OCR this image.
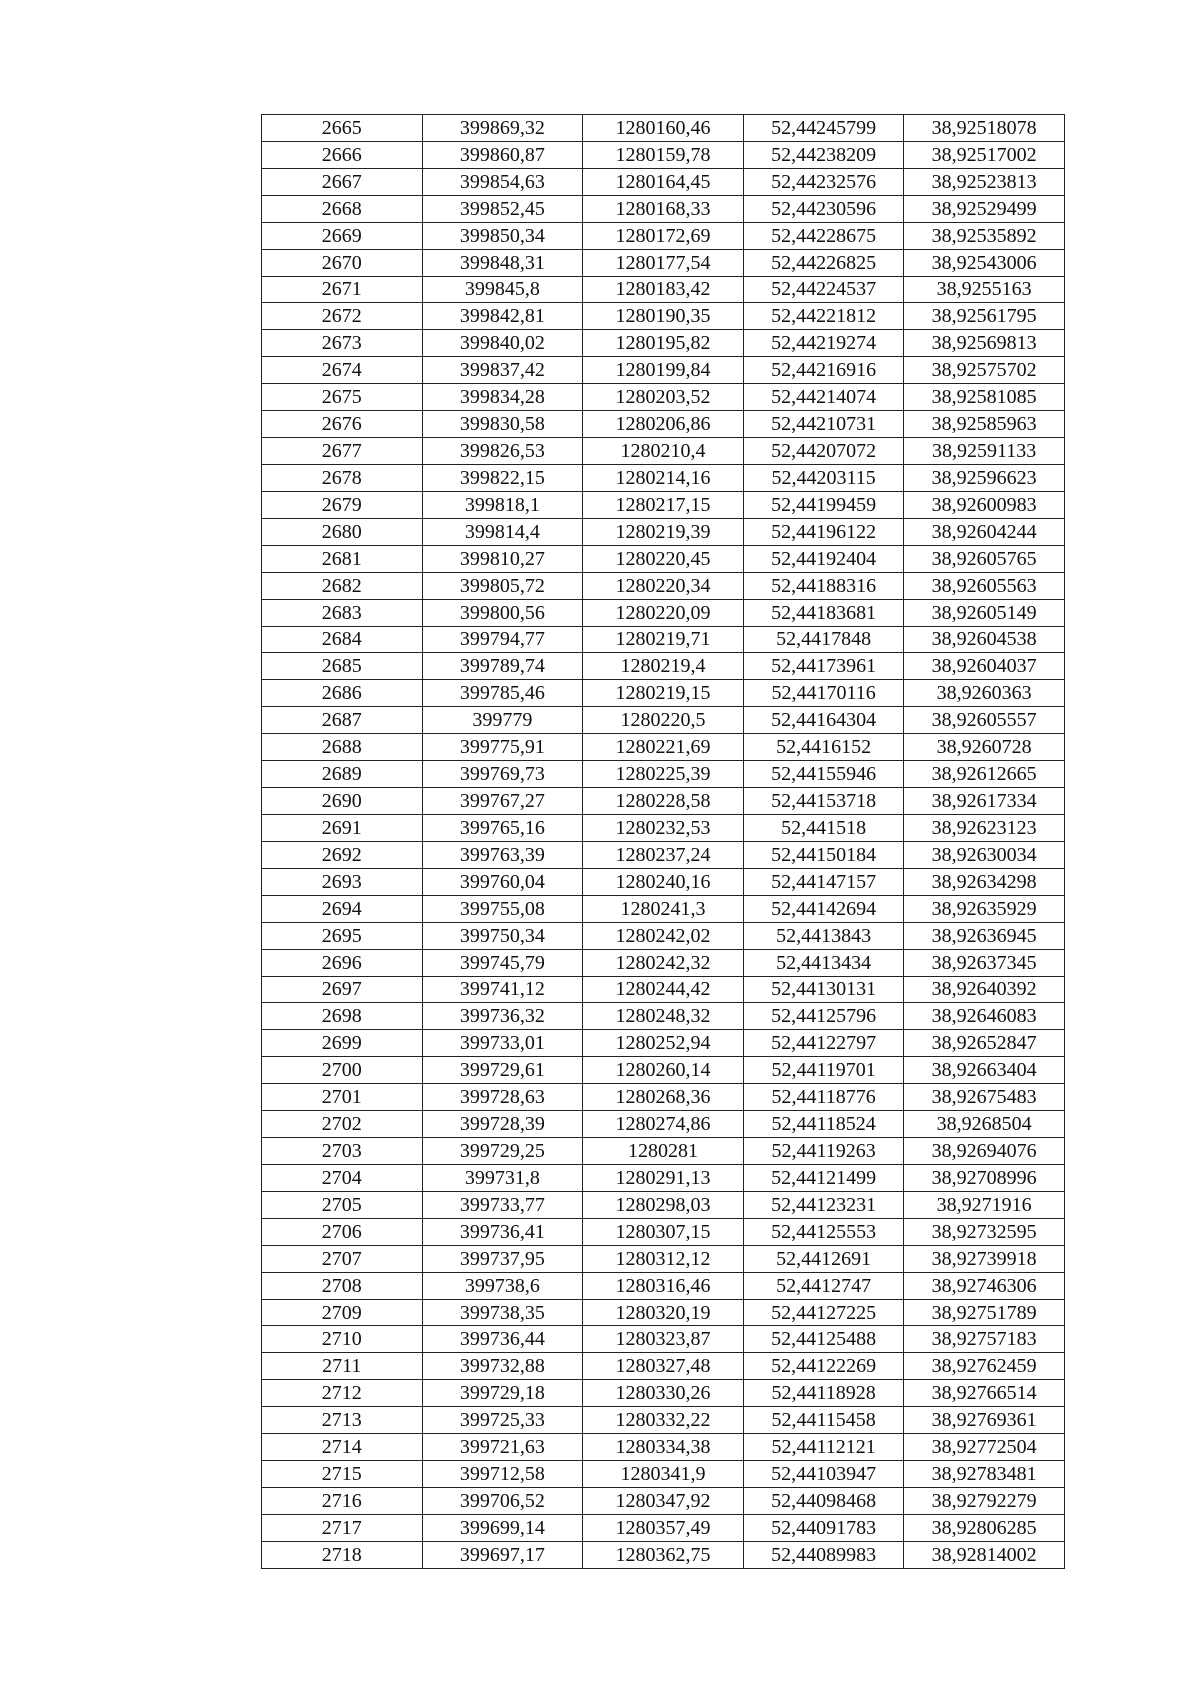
2665	399869,32	1280160,46	52,44245799	38,92518078
2666	399860,87	1280159,78	52,44238209	38,92517002
2667	399854,63	1280164,45	52,44232576	38,92523813
2668	399852,45	1280168,33	52,44230596	38,92529499
2669	399850,34	1280172,69	52,44228675	38,92535892
2670	399848,31	1280177,54	52,44226825	38,92543006
2671	399845,8	1280183,42	52,44224537	38,9255163
2672	399842,81	1280190,35	52,44221812	38,92561795
2673	399840,02	1280195,82	52,44219274	38,92569813
2674	399837,42	1280199,84	52,44216916	38,92575702
2675	399834,28	1280203,52	52,44214074	38,92581085
2676	399830,58	1280206,86	52,44210731	38,92585963
2677	399826,53	1280210,4	52,44207072	38,92591133
2678	399822,15	1280214,16	52,44203115	38,92596623
2679	399818,1	1280217,15	52,44199459	38,92600983
2680	399814,4	1280219,39	52,44196122	38,92604244
2681	399810,27	1280220,45	52,44192404	38,92605765
2682	399805,72	1280220,34	52,44188316	38,92605563
2683	399800,56	1280220,09	52,44183681	38,92605149
2684	399794,77	1280219,71	52,4417848	38,92604538
2685	399789,74	1280219,4	52,44173961	38,92604037
2686	399785,46	1280219,15	52,44170116	38,9260363
2687	399779	1280220,5	52,44164304	38,92605557
2688	399775,91	1280221,69	52,4416152	38,9260728
2689	399769,73	1280225,39	52,44155946	38,92612665
2690	399767,27	1280228,58	52,44153718	38,92617334
2691	399765,16	1280232,53	52,441518	38,92623123
2692	399763,39	1280237,24	52,44150184	38,92630034
2693	399760,04	1280240,16	52,44147157	38,92634298
2694	399755,08	1280241,3	52,44142694	38,92635929
2695	399750,34	1280242,02	52,4413843	38,92636945
2696	399745,79	1280242,32	52,4413434	38,92637345
2697	399741,12	1280244,42	52,44130131	38,92640392
2698	399736,32	1280248,32	52,44125796	38,92646083
2699	399733,01	1280252,94	52,44122797	38,92652847
2700	399729,61	1280260,14	52,44119701	38,92663404
2701	399728,63	1280268,36	52,44118776	38,92675483
2702	399728,39	1280274,86	52,44118524	38,9268504
2703	399729,25	1280281	52,44119263	38,92694076
2704	399731,8	1280291,13	52,44121499	38,92708996
2705	399733,77	1280298,03	52,44123231	38,9271916
2706	399736,41	1280307,15	52,44125553	38,92732595
2707	399737,95	1280312,12	52,4412691	38,92739918
2708	399738,6	1280316,46	52,4412747	38,92746306
2709	399738,35	1280320,19	52,44127225	38,92751789
2710	399736,44	1280323,87	52,44125488	38,92757183
2711	399732,88	1280327,48	52,44122269	38,92762459
2712	399729,18	1280330,26	52,44118928	38,92766514
2713	399725,33	1280332,22	52,44115458	38,92769361
2714	399721,63	1280334,38	52,44112121	38,92772504
2715	399712,58	1280341,9	52,44103947	38,92783481
2716	399706,52	1280347,92	52,44098468	38,92792279
2717	399699,14	1280357,49	52,44091783	38,92806285
2718	399697,17	1280362,75	52,44089983	38,92814002
